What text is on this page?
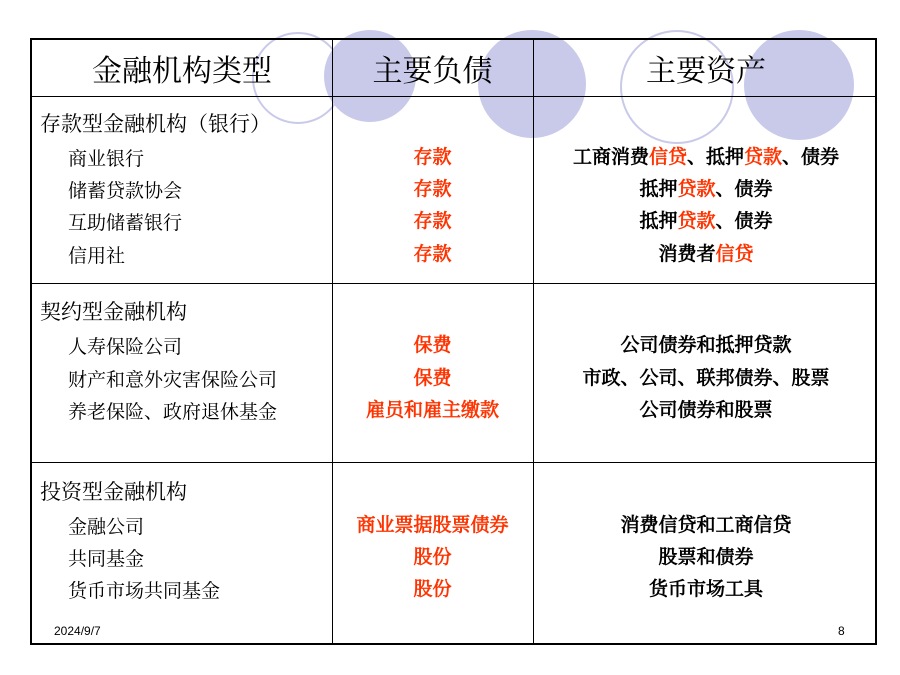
金融机构类型	主要负债	主要资产
存款型金融机构（银行）
商业银行	存款	工商消费信贷、抵押贷款、债券
储蓄贷款协会	存款	抵押贷款、债券
互助储蓄银行	存款	抵押贷款、债券
信用社	存款	消费者信贷
契约型金融机构
人寿保险公司	保费	公司债券和抵押贷款
财产和意外灾害保险公司	保费	市政、公司、联邦债券、股票
养老保险、政府退休基金	雇员和雇主缴款	公司债券和股票
投资型金融机构
金融公司	商业票据股票债券	消费信贷和工商信贷
共同基金	股份	股票和债券
货币市场共同基金	股份	货币市场工具
2024/9/7	8
